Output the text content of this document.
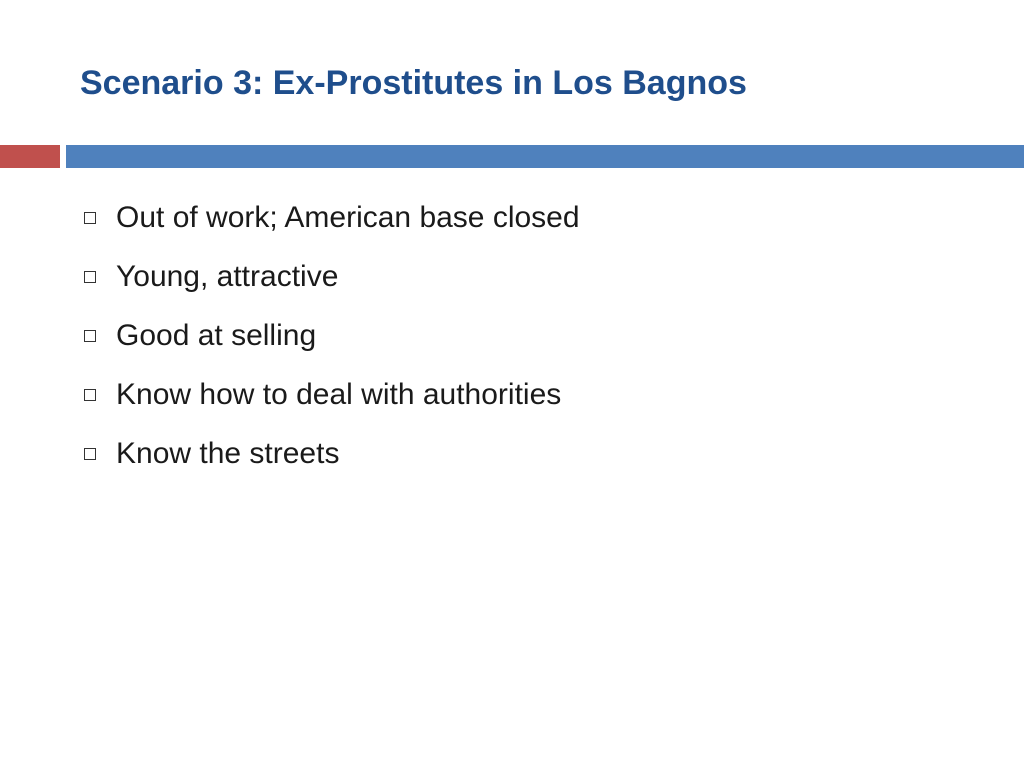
Scenario 3: Ex-Prostitutes in Los Bagnos
Out of work; American base closed
Young, attractive
Good at selling
Know how to deal with authorities
Know the streets
